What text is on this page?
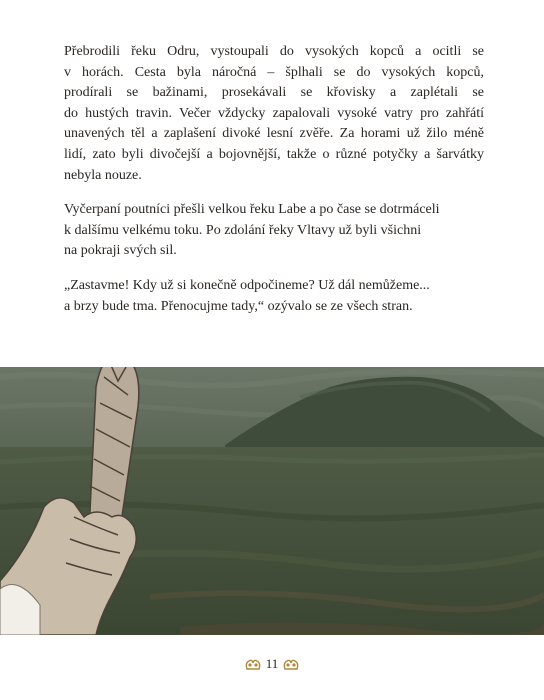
Přebrodili řeku Odru, vystoupali do vysokých kopců a ocitli se
v horách. Cesta byla náročná – šplhali se do vysokých kopců,
prodírali se bažinami, prosekávali se křovisky a zaplétali se
do hustých travin. Večer vždycky zapalovali vysoké vatry pro zahřátí
unavených těl a zaplašení divoké lesní zvěře. Za horami už žilo méně
lidí, zato byli divočejší a bojovnější, takže o různé potyčky a šarvátky
nebyla nouze.

Vyčerpaní poutníci přešli velkou řeku Labe a po čase se dotrmáceli
k dalšímu velkému toku. Po zdolání řeky Vltavy už byli všichni
na pokraji svých sil.

„Zastavme! Kdy už si konečně odpočineme? Už dál nemůžeme...
a brzy bude tma. Přenocujme tady,“ ozývalo se ze všech stran.

11
